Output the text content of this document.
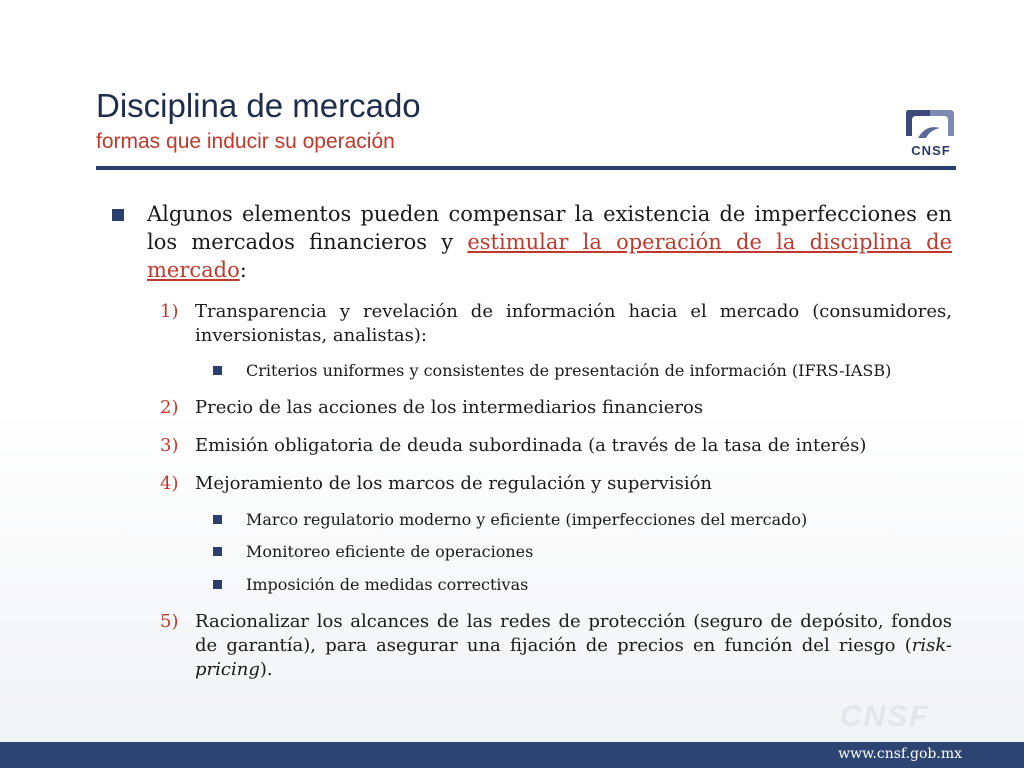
Disciplina de mercado
formas que inducir su operación	CNSF
Algunos elementos pueden compensar la existencia de imperfecciones en los mercados financieros y estimular la operación de la disciplina de mercado:
1) Transparencia y revelación de información hacia el mercado (consumidores, inversionistas, analistas):
Criterios uniformes y consistentes de presentación de información (IFRS-IASB)
2) Precio de las acciones de los intermediarios financieros
3) Emisión obligatoria de deuda subordinada (a través de la tasa de interés)
4) Mejoramiento de los marcos de regulación y supervisión
Marco regulatorio moderno y eficiente (imperfecciones del mercado)
Monitoreo eficiente de operaciones
Imposición de medidas correctivas
5) Racionalizar los alcances de las redes de protección (seguro de depósito, fondos de garantía), para asegurar una fijación de precios en función del riesgo (risk-pricing).
CNSF
www.cnsf.gob.mx
